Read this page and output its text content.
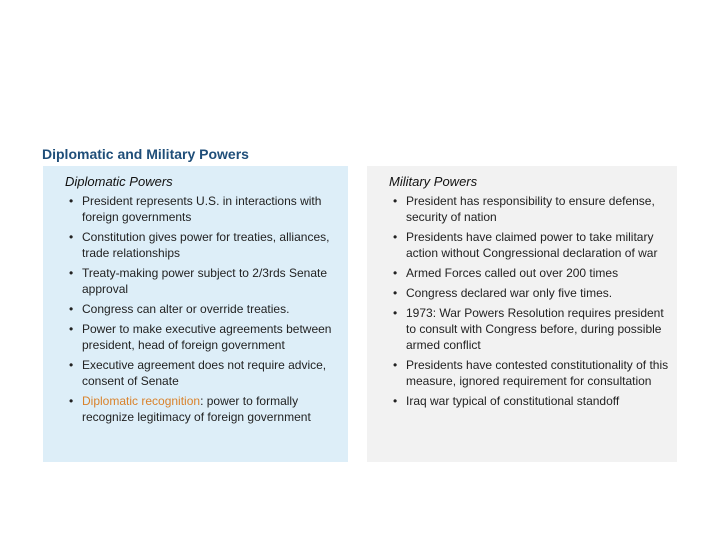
Diplomatic and Military Powers
Diplomatic Powers
• President represents U.S. in interactions with foreign governments
• Constitution gives power for treaties, alliances, trade relationships
• Treaty-making power subject to 2/3rds Senate approval
• Congress can alter or override treaties.
• Power to make executive agreements between president, head of foreign government
• Executive agreement does not require advice, consent of Senate
• Diplomatic recognition: power to formally recognize legitimacy of foreign government
Military Powers
• President has responsibility to ensure defense, security of nation
• Presidents have claimed power to take military action without Congressional declaration of war
• Armed Forces called out over 200 times
• Congress declared war only five times.
• 1973: War Powers Resolution requires president to consult with Congress before, during possible armed conflict
• Presidents have contested constitutionality of this measure, ignored requirement for consultation
• Iraq war typical of constitutional standoff
